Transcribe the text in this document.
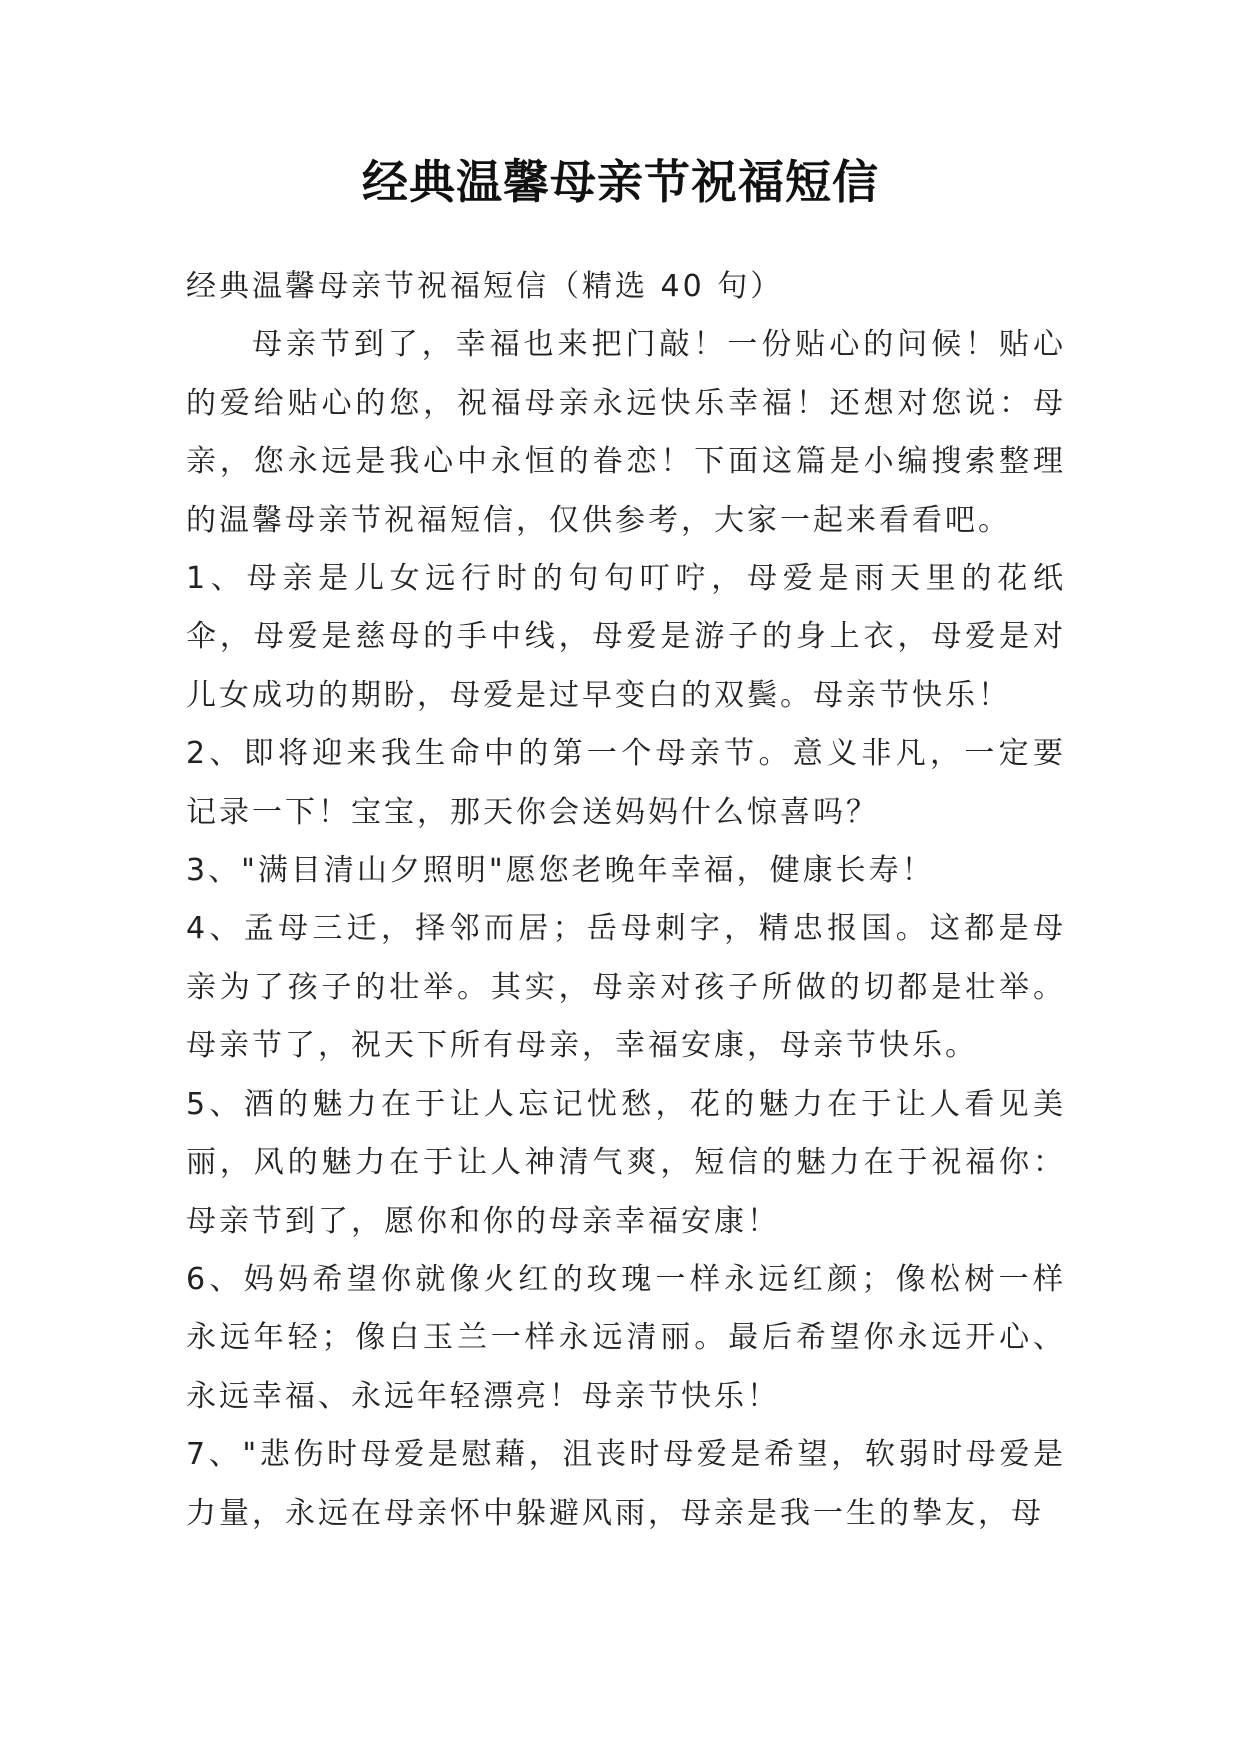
经典温馨母亲节祝福短信
经典温馨母亲节祝福短信（精选 40 句）
母亲节到了，幸福也来把门敲！一份贴心的问候！贴心的爱给贴心的您，祝福母亲永远快乐幸福！还想对您说：母亲，您永远是我心中永恒的眷恋！下面这篇是小编搜索整理的温馨母亲节祝福短信，仅供参考，大家一起来看看吧。
1、母亲是儿女远行时的句句叮咛，母爱是雨天里的花纸伞，母爱是慈母的手中线，母爱是游子的身上衣，母爱是对儿女成功的期盼，母爱是过早变白的双鬓。母亲节快乐！
2、即将迎来我生命中的第一个母亲节。意义非凡，一定要记录一下！宝宝，那天你会送妈妈什么惊喜吗？
3、"满目清山夕照明"愿您老晚年幸福，健康长寿！
4、孟母三迁，择邻而居；岳母刺字，精忠报国。这都是母亲为了孩子的壮举。其实，母亲对孩子所做的切都是壮举。母亲节了，祝天下所有母亲，幸福安康，母亲节快乐。
5、酒的魅力在于让人忘记忧愁，花的魅力在于让人看见美丽，风的魅力在于让人神清气爽，短信的魅力在于祝福你：母亲节到了，愿你和你的母亲幸福安康！
6、妈妈希望你就像火红的玫瑰一样永远红颜；像松树一样永远年轻；像白玉兰一样永远清丽。最后希望你永远开心、永远幸福、永远年轻漂亮！母亲节快乐！
7、"悲伤时母爱是慰藉，沮丧时母爱是希望，软弱时母爱是力量，永远在母亲怀中躲避风雨，母亲是我一生的挚友，母
